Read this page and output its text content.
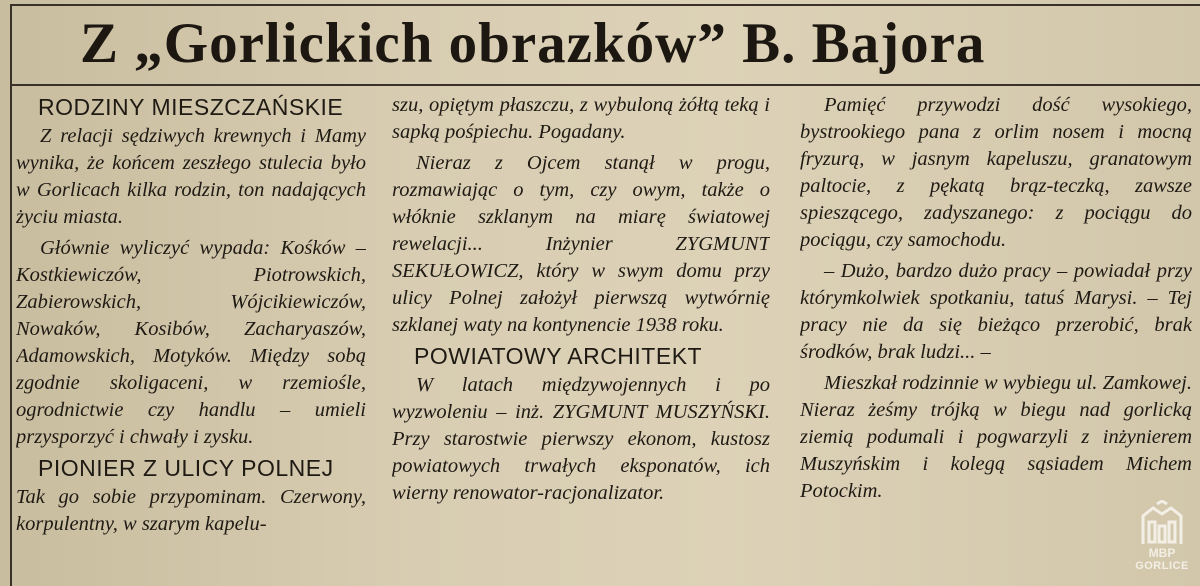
Z „Gorlickich obrazków” B. Bajora
RODZINY MIESZCZAŃSKIE

Z relacji sędziwych krewnych i Mamy wynika, że końcem zeszłego stulecia było w Gorlicach kilka rodzin, ton nadających życiu miasta.

Głównie wyliczyć wypada: Kośków – Kostkiewiczów, Piotrowskich, Zabierowskich, Wójcikiewiczów, Nowaków, Kosibów, Zacharyaszów, Adamowskich, Motyków. Między sobą zgodnie skoligaceni, w rzemiośle, ogrodnictwie czy handlu – umieli przysporzyć i chwały i zysku.

PIONIER Z ULICY POLNEJ

Tak go sobie przypominam. Czerwony, korpulentny, w szarym kapelu-

szu, opiętym płaszczu, z wybuloną żółtą teką i sapką pośpiechu. Pogadany.

Nieraz z Ojcem stanął w progu, rozmawiając o tym, czy owym, także o włóknie szklanym na miarę światowej rewelacji... Inżynier ZYGMUNT SEKUŁOWICZ, który w swym domu przy ulicy Polnej założył pierwszą wytwórnię szklanej waty na kontynencie 1938 roku.

POWIATOWY ARCHITEKT

W latach międzywojennych i po wyzwoleniu – inż. ZYGMUNT MUSZYŃSKI. Przy starostwie pierwszy ekonom, kustosz powiatowych trwałych eksponatów, ich wierny renowator-racjonalizator.

Pamięć przywodzi dość wysokiego, bystrookiego pana z orlim nosem i mocną fryzurą, w jasnym kapeluszu, granatowym paltocie, z pękatą brąz-teczką, zawsze spieszącego, zadyszanego: z pociągu do pociągu, czy samochodu.

– Dużo, bardzo dużo pracy – powiadał przy którymkolwiek spotkaniu, tatuś Marysi. – Tej pracy nie da się bieżąco przerobić, brak środków, brak ludzi... –

Mieszkał rodzinnie w wybiegu ul. Zamkowej. Nieraz żeśmy trójką w biegu nad gorlicką ziemią podumali i pogwarzyli z inżynierem Muszyńskim i kolegą sąsiadem Michem Potockim.

MBP
GORLICE
